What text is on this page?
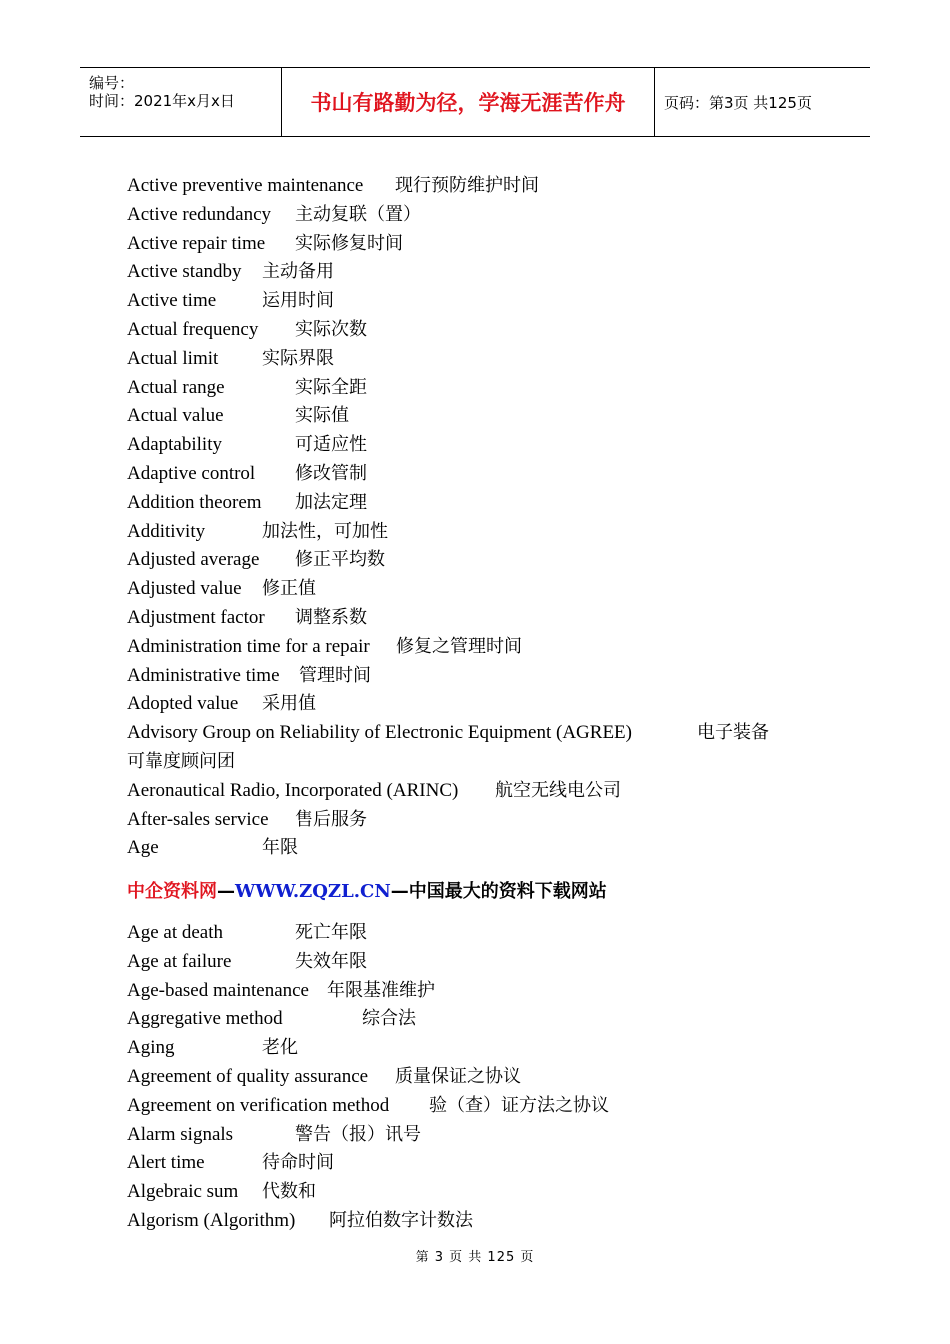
编号：
时间：2021年x月x日	书山有路勤为径，学海无涯苦作舟	页码：第3页 共125页
Active preventive maintenance 现行预防维护时间
Active redundancy 主动复联（置）
Active repair time 实际修复时间
Active standby 主动备用
Active time	运用时间
Actual frequency 实际次数
Actual limit 实际界限
Actual range	实际全距
Actual value	实际值
Adaptability	可适应性
Adaptive control 修改管制
Addition theorem 加法定理
Additivity	加法性，可加性
Adjusted average 修正平均数
Adjusted value 修正值
Adjustment factor 调整系数
Administration time for a repair 修复之管理时间
Administrative time 管理时间
Adopted value 采用值
Advisory Group on Reliability of Electronic Equipment (AGREE)	电子装备
可靠度顾问团
Aeronautical Radio, Incorporated (ARINC) 航空无线电公司
After-sales service 售后服务
Age	年限
中企资料网—WWW.ZQZL.CN—中国最大的资料下载网站
Age at death	死亡年限
Age at failure	失效年限
Age-based maintenance 年限基准维护
Aggregative method	综合法
Aging	老化
Agreement of quality assurance 质量保证之协议
Agreement on verification method 验（查）证方法之协议
Alarm signals	警告（报）讯号
Alert time	待命时间
Algebraic sum 代数和
Algorism (Algorithm) 阿拉伯数字计数法
第 3 页 共 125 页
